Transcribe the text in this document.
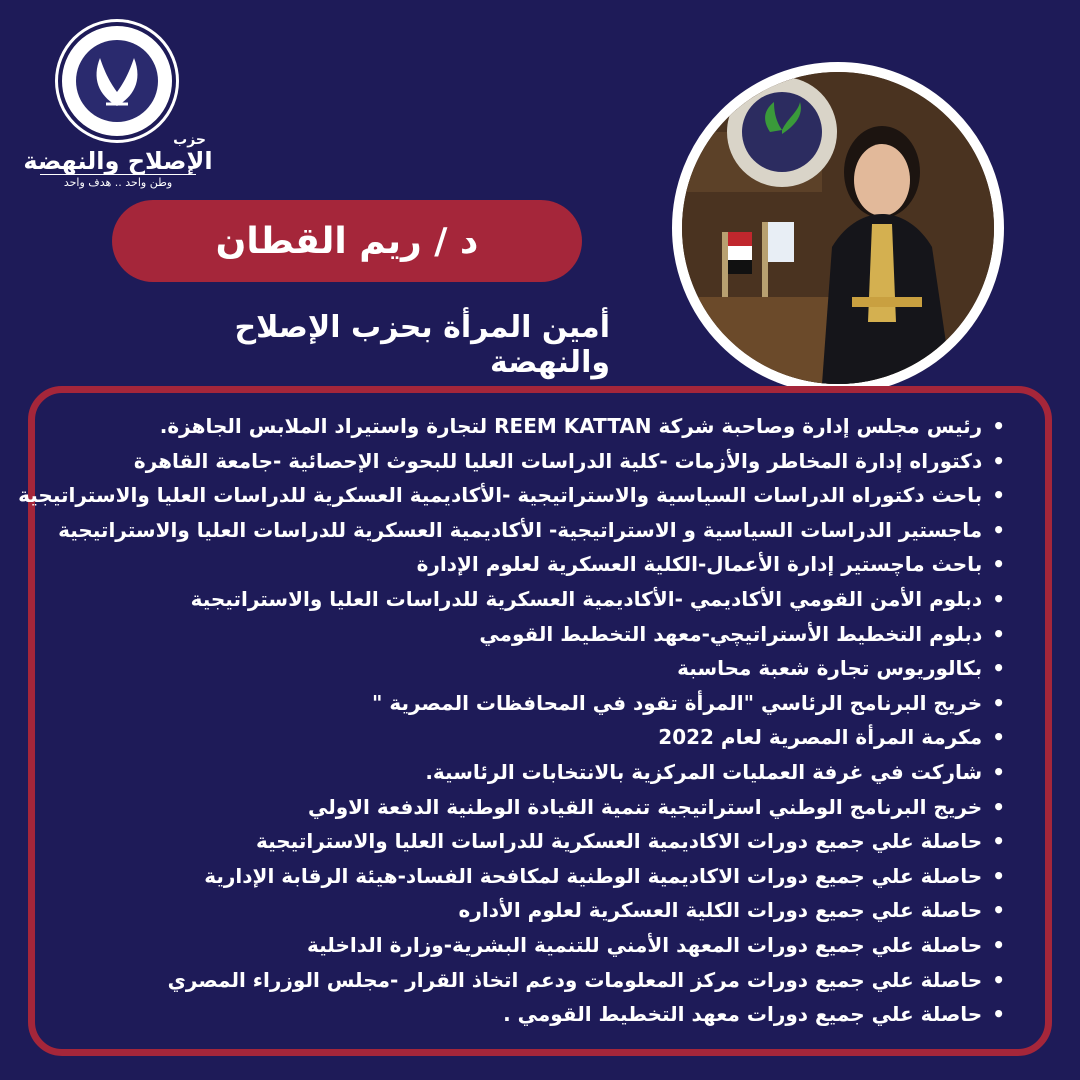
حزب
الإصلاح والنهضة
وطن واحد .. هدف واحد
د / ريم القطان
أمين المرأة بحزب الإصلاح والنهضة
• رئيس مجلس إدارة وصاحبة شركة REEM KATTAN لتجارة واستيراد الملابس الجاهزة.
• دكتوراه إدارة المخاطر والأزمات -كلية الدراسات العليا للبحوث الإحصائية -جامعة القاهرة
• باحث دكتوراه الدراسات السياسية والاستراتيجية -الأكاديمية العسكرية للدراسات العليا والاستراتيجية
• ماجستير الدراسات السياسية و الاستراتيجية- الأكاديمية العسكرية للدراسات العليا والاستراتيجية
• باحث ماچستير إدارة الأعمال-الكلية العسكرية لعلوم الإدارة
• دبلوم الأمن القومي الأكاديمي -الأكاديمية العسكرية للدراسات العليا والاستراتيجية
• دبلوم التخطيط الأستراتيچي-معهد التخطيط القومي
• بكالوريوس تجارة شعبة محاسبة
• خريج البرنامج الرئاسي "المرأة تقود في المحافظات المصرية "
• مكرمة المرأة المصرية لعام 2022
• شاركت في غرفة العمليات المركزية بالانتخابات الرئاسية.
• خريج البرنامج الوطني استراتيجية تنمية القيادة الوطنية الدفعة الاولي
• حاصلة علي جميع دورات الاكاديمية العسكرية للدراسات العليا والاستراتيجية
• حاصلة علي جميع دورات الاكاديمية الوطنية لمكافحة الفساد-هيئة الرقابة الإدارية
• حاصلة علي جميع دورات الكلية العسكرية لعلوم الأداره
• حاصلة علي جميع دورات المعهد الأمني للتنمية البشرية-وزارة الداخلية
• حاصلة علي جميع دورات مركز المعلومات ودعم اتخاذ القرار -مجلس الوزراء المصري
• حاصلة علي جميع دورات معهد التخطيط القومي .
